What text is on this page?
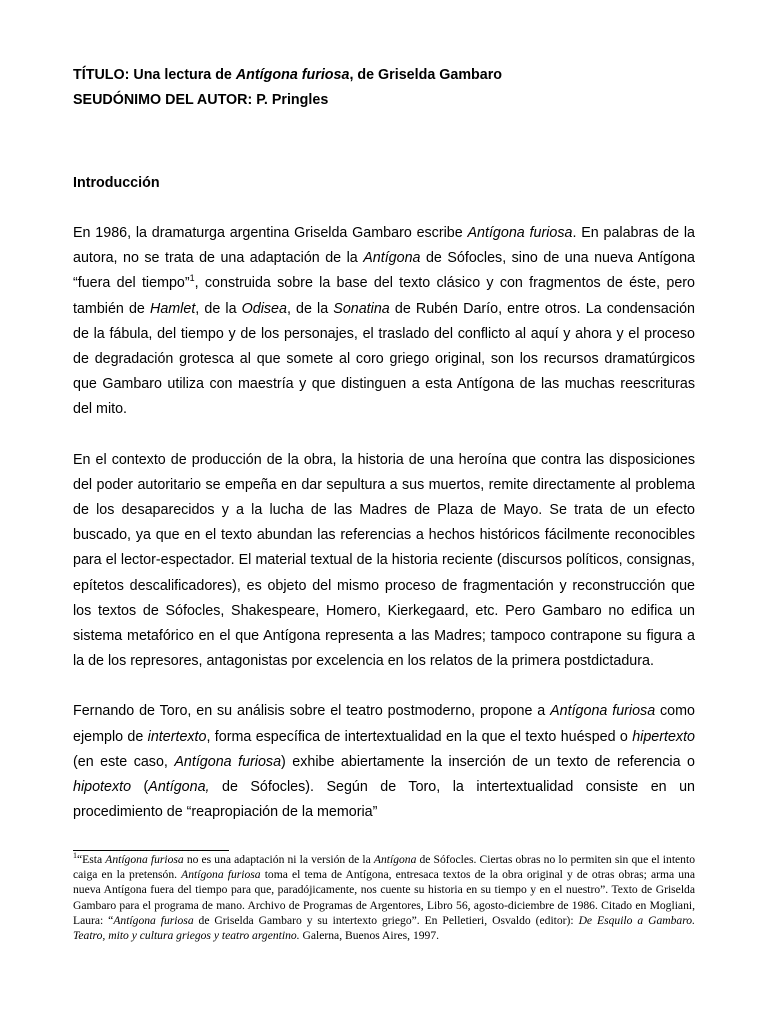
TÍTULO: Una lectura de Antígona furiosa, de Griselda Gambaro

SEUDÓNIMO DEL AUTOR: P. Pringles

Introducción

En 1986, la dramaturga argentina Griselda Gambaro escribe Antígona furiosa. En palabras de la autora, no se trata de una adaptación de la Antígona de Sófocles, sino de una nueva Antígona “fuera del tiempo”$^1$, construida sobre la base del texto clásico y con fragmentos de éste, pero también de Hamlet, de la Odisea, de la Sonatina de Rubén Darío, entre otros. La condensación de la fábula, del tiempo y de los personajes, el traslado del conflicto al aquí y ahora y el proceso de degradación grotesca al que somete al coro griego original, son los recursos dramatúrgicos que Gambaro utiliza con maestría y que distinguen a esta Antígona de las muchas reescrituras del mito.

En el contexto de producción de la obra, la historia de una heroína que contra las disposiciones del poder autoritario se empeña en dar sepultura a sus muertos, remite directamente al problema de los desaparecidos y a la lucha de las Madres de Plaza de Mayo. Se trata de un efecto buscado, ya que en el texto abundan las referencias a hechos históricos fácilmente reconocibles para el lector-espectador. El material textual de la historia reciente (discursos políticos, consignas, epítetos descalificadores), es objeto del mismo proceso de fragmentación y reconstrucción que los textos de Sófocles, Shakespeare, Homero, Kierkegaard, etc. Pero Gambaro no edifica un sistema metafórico en el que Antígona representa a las Madres; tampoco contrapone su figura a la de los represores, antagonistas por excelencia en los relatos de la primera postdictadura.

Fernando de Toro, en su análisis sobre el teatro postmoderno, propone a Antígona furiosa como ejemplo de intertexto, forma específica de intertextualidad en la que el texto huésped o hipertexto (en este caso, Antígona furiosa) exhibe abiertamente la inserción de un texto de referencia o hipotexto (Antígona, de Sófocles). Según de Toro, la intertextualidad consiste en un procedimiento de “reapropiación de la memoria”

$^1$“Esta Antígona furiosa no es una adaptación ni la versión de la Antígona de Sófocles. Ciertas obras no lo permiten sin que el intento caiga en la pretensón. Antígona furiosa toma el tema de Antígona, entresaca textos de la obra original y de otras obras; arma una nueva Antígona fuera del tiempo para que, paradójicamente, nos cuente su historia en su tiempo y en el nuestro”. Texto de Griselda Gambaro para el programa de mano. Archivo de Programas de Argentores, Libro 56, agosto-diciembre de 1986. Citado en Mogliani, Laura: “Antígona furiosa de Griselda Gambaro y su intertexto griego”. En Pelletieri, Osvaldo (editor): De Esquilo a Gambaro. Teatro, mito y cultura griegos y teatro argentino. Galerna, Buenos Aires, 1997.
